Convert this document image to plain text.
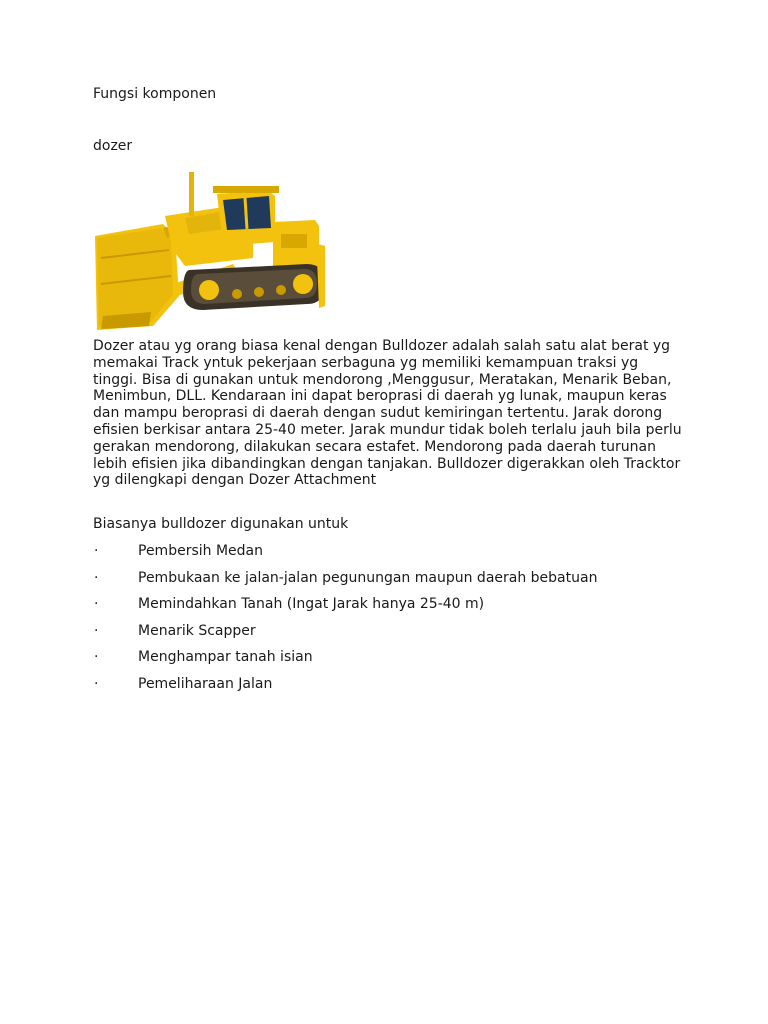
Fungsi komponen
dozer

Dozer atau yg orang biasa kenal dengan Bulldozer adalah salah satu alat berat yg memakai Track yntuk pekerjaan serbaguna yg memiliki kemampuan traksi yg tinggi. Bisa di gunakan untuk mendorong ,Menggusur, Meratakan, Menarik Beban, Menimbun, DLL. Kendaraan ini dapat beroprasi di daerah yg lunak, maupun keras dan mampu beroprasi di daerah dengan sudut kemiringan tertentu. Jarak dorong efisien berkisar antara 25-40 meter. Jarak mundur tidak boleh terlalu jauh bila perlu gerakan mendorong, dilakukan secara estafet. Mendorong pada daerah turunan lebih efisien jika dibandingkan dengan tanjakan. Bulldozer digerakkan oleh Tracktor yg dilengkapi dengan Dozer Attachment

Biasanya bulldozer digunakan untuk
·	Pembersih Medan
·	Pembukaan ke jalan-jalan pegunungan maupun daerah bebatuan
·	Memindahkan Tanah (Ingat Jarak hanya 25-40 m)
·	Menarik Scapper
·	Menghampar tanah isian
·	Pemeliharaan Jalan
